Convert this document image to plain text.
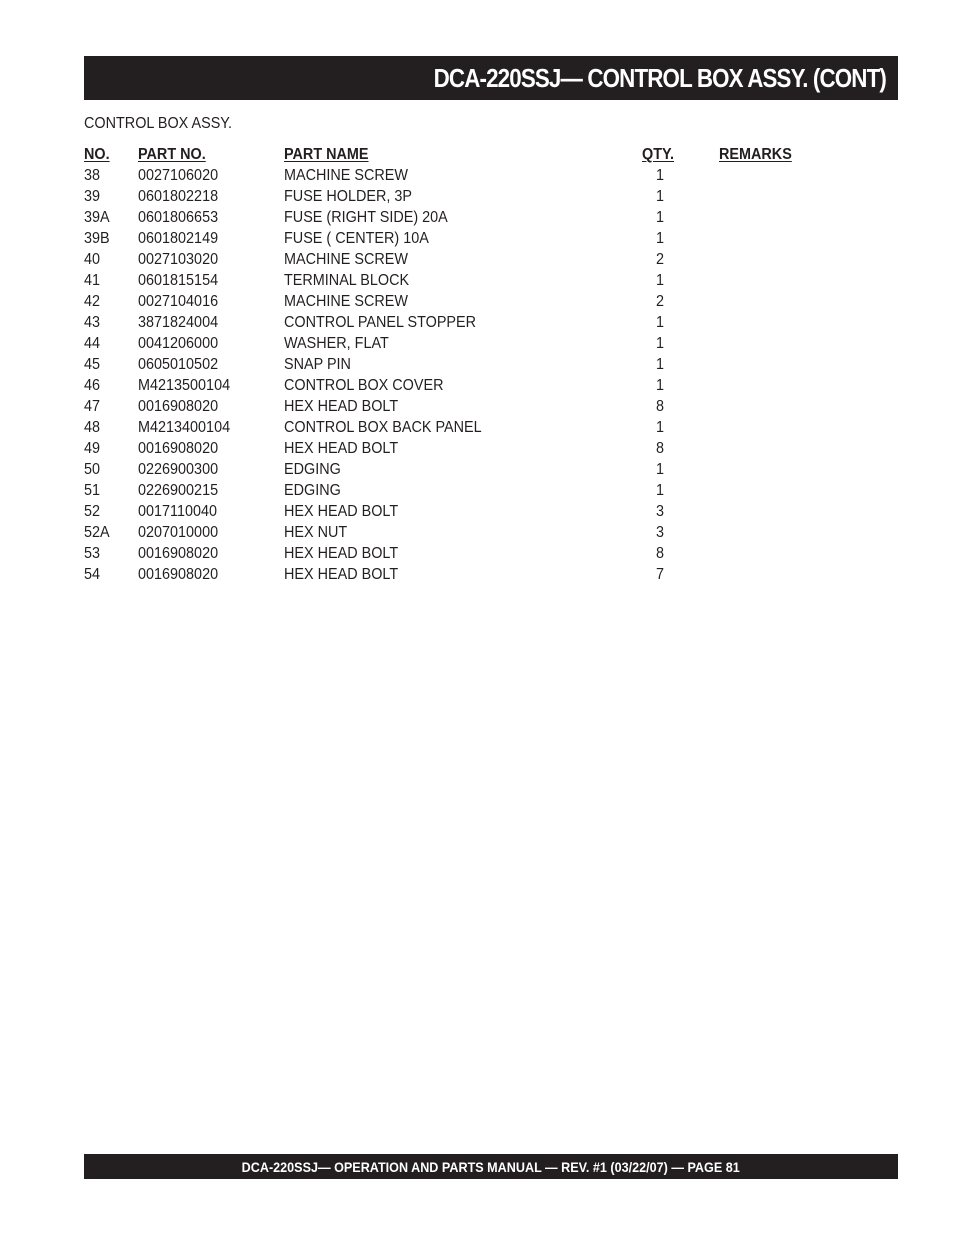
DCA-220SSJ— CONTROL BOX ASSY. (CONT)
CONTROL BOX ASSY.
NO. PART NO.	PART NAME	QTY.	REMARKS
38 0027106020	MACHINE SCREW	1
39 0601802218	FUSE HOLDER, 3P	1
39A 0601806653	FUSE (RIGHT SIDE) 20A	1
39B 0601802149	FUSE ( CENTER) 10A	1
40 0027103020	MACHINE SCREW	2
41 0601815154	TERMINAL BLOCK	1
42 0027104016	MACHINE SCREW	2
43 3871824004	CONTROL PANEL STOPPER	1
44 0041206000	WASHER, FLAT	1
45 0605010502	SNAP PIN	1
46 M4213500104	CONTROL BOX COVER	1
47 0016908020	HEX HEAD BOLT	8
48 M4213400104	CONTROL BOX BACK PANEL	1
49 0016908020	HEX HEAD BOLT	8
50 0226900300	EDGING	1
51 0226900215	EDGING	1
52 0017110040	HEX HEAD BOLT	3
52A 0207010000	HEX NUT	3
53 0016908020	HEX HEAD BOLT	8
54 0016908020	HEX HEAD BOLT	7
DCA-220SSJ— OPERATION AND PARTS MANUAL — REV. #1 (03/22/07) — PAGE 81
